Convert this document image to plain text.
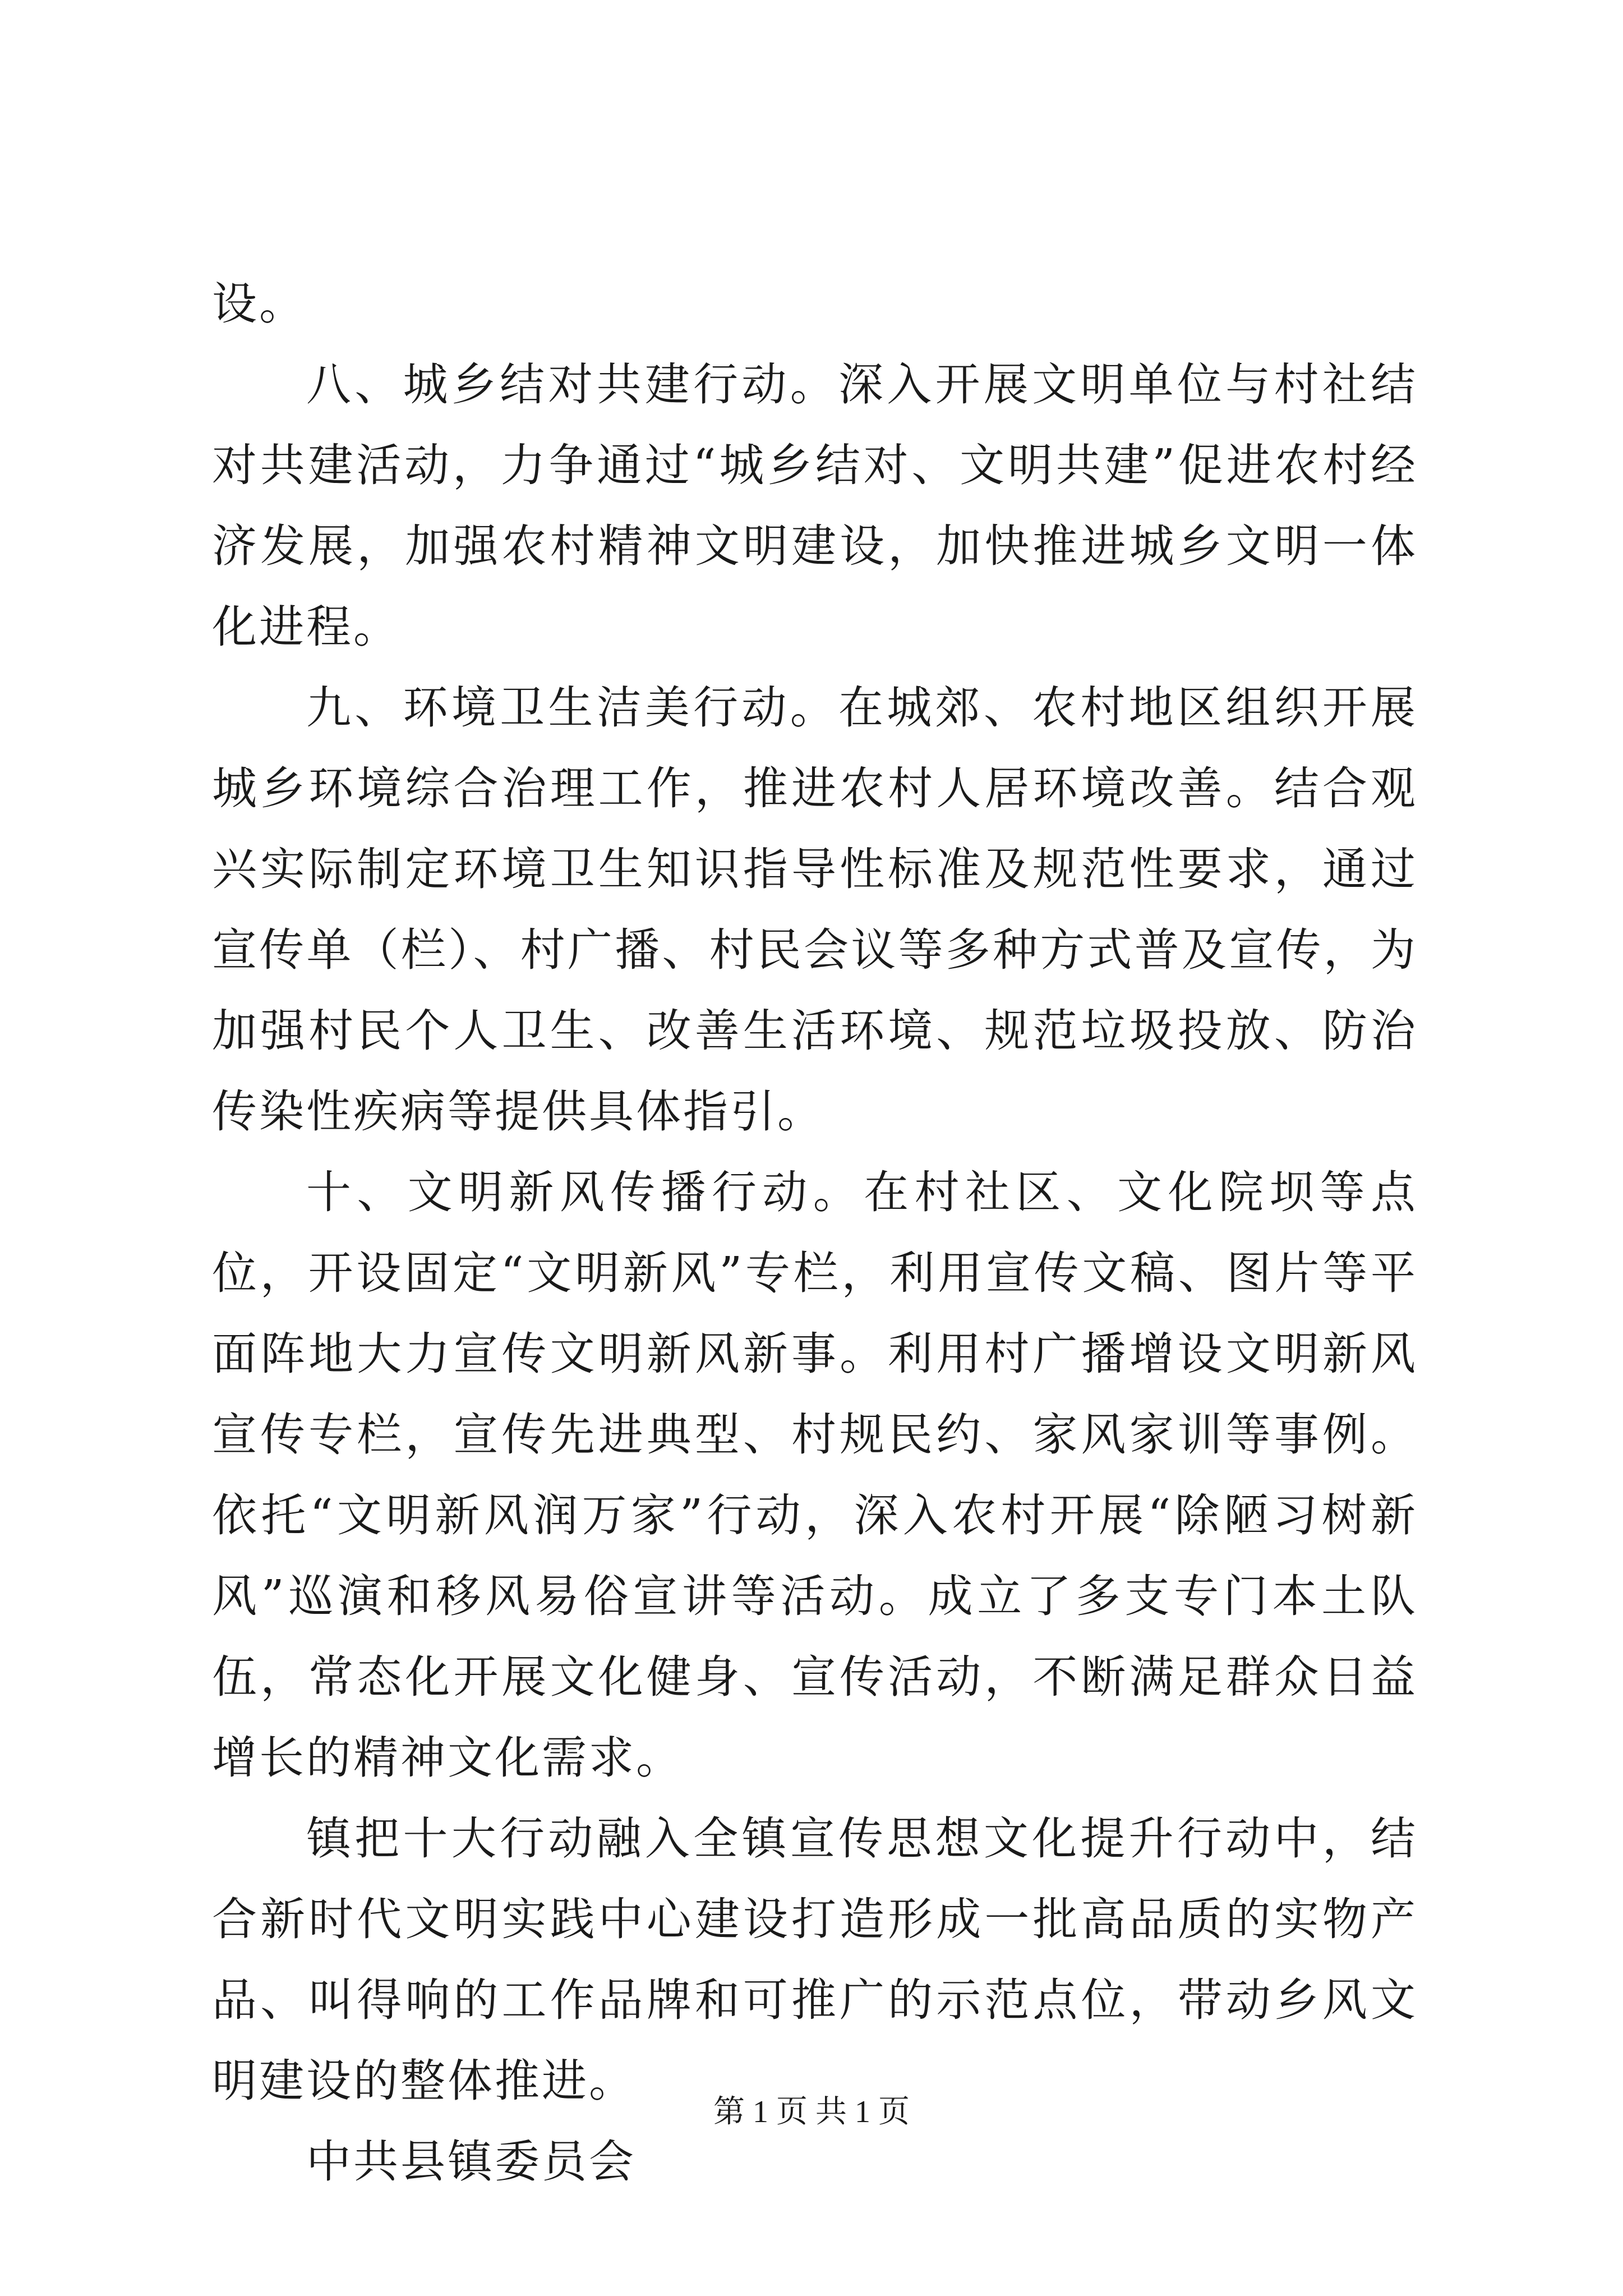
设。

八、城乡结对共建行动。深入开展文明单位与村社结对共建活动，力争通过“城乡结对、文明共建”促进农村经济发展，加强农村精神文明建设，加快推进城乡文明一体化进程。

九、环境卫生洁美行动。在城郊、农村地区组织开展城乡环境综合治理工作，推进农村人居环境改善。结合观兴实际制定环境卫生知识指导性标准及规范性要求，通过宣传单（栏）、村广播、村民会议等多种方式普及宣传，为加强村民个人卫生、改善生活环境、规范垃圾投放、防治传染性疾病等提供具体指引。

十、文明新风传播行动。在村社区、文化院坝等点位，开设固定“文明新风”专栏，利用宣传文稿、图片等平面阵地大力宣传文明新风新事。利用村广播增设文明新风宣传专栏，宣传先进典型、村规民约、家风家训等事例。依托“文明新风润万家”行动，深入农村开展“除陋习树新风”巡演和移风易俗宣讲等活动。成立了多支专门本土队伍，常态化开展文化健身、宣传活动，不断满足群众日益增长的精神文化需求。

镇把十大行动融入全镇宣传思想文化提升行动中，结合新时代文明实践中心建设打造形成一批高品质的实物产品、叫得响的工作品牌和可推广的示范点位，带动乡风文明建设的整体推进。

中共县镇委员会

第 1 页 共 1 页
